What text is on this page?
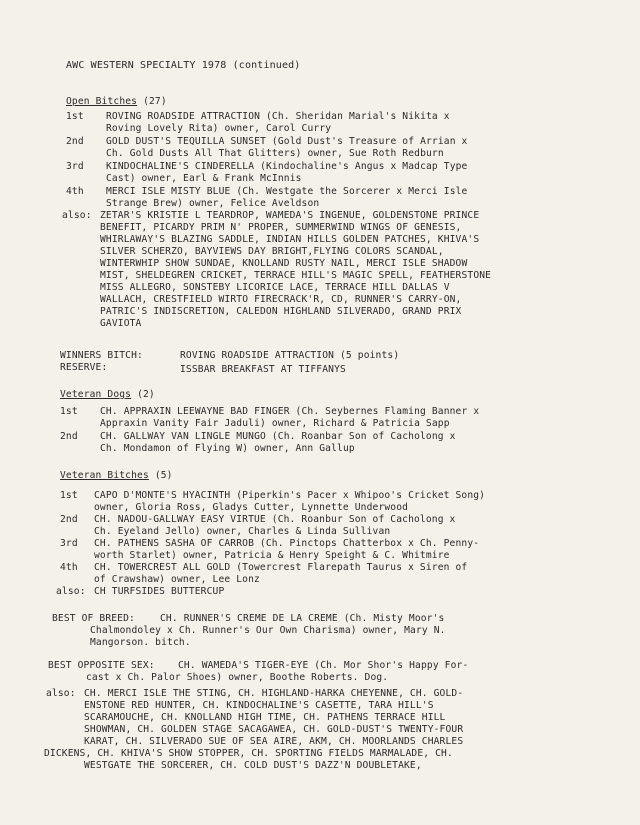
AWC WESTERN SPECIALTY 1978 (continued)
Open Bitches (27)
1st ROVING ROADSIDE ATTRACTION (Ch. Sheridan Marial's Nikita x
Roving Lovely Rita) owner, Carol Curry
2nd GOLD DUST'S TEQUILLA SUNSET (Gold Dust's Treasure of Arrian x
Ch. Gold Dusts All That Glitters) owner, Sue Roth Redburn
3rd KINDOCHALINE'S CINDERELLA (Kindochaline's Angus x Madcap Type
Cast) owner, Earl & Frank McInnis
4th MERCI ISLE MISTY BLUE (Ch. Westgate the Sorcerer x Merci Isle
Strange Brew) owner, Felice Aveldson
also: ZETAR'S KRISTIE L TEARDROP, WAMEDA'S INGENUE, GOLDENSTONE PRINCE
BENEFIT, PICARDY PRIM N' PROPER, SUMMERWIND WINGS OF GENESIS,
WHIRLAWAY'S BLAZING SADDLE, INDIAN HILLS GOLDEN PATCHES, KHIVA'S
SILVER SCHERZO, BAYVIEWS DAY BRIGHT,FLYING COLORS SCANDAL,
WINTERWHIP SHOW SUNDAE, KNOLLAND RUSTY NAIL, MERCI ISLE SHADOW
MIST, SHELDEGREN CRICKET, TERRACE HILL'S MAGIC SPELL, FEATHERSTONE
MISS ALLEGRO, SONSTEBY LICORICE LACE, TERRACE HILL DALLAS V
WALLACH, CRESTFIELD WIRTO FIRECRACK'R, CD, RUNNER'S CARRY-ON,
PATRIC'S INDISCRETION, CALEDON HIGHLAND SILVERADO, GRAND PRIX
GAVIOTA
WINNERS BITCH:	ROVING ROADSIDE ATTRACTION (5 points)
RESERVE:	ISSBAR BREAKFAST AT TIFFANYS
Veteran Dogs (2)
1st CH. APPRAXIN LEEWAYNE BAD FINGER (Ch. Seybernes Flaming Banner x
Appraxin Vanity Fair Jaduli) owner, Richard & Patricia Sapp
2nd CH. GALLWAY VAN LINGLE MUNGO (Ch. Roanbar Son of Cacholong x
Ch. Mondamon of Flying W) owner, Ann Gallup
Veteran Bitches (5)
1st CAPO D'MONTE'S HYACINTH (Piperkin's Pacer x Whipoo's Cricket Song)
owner, Gloria Ross, Gladys Cutter, Lynnette Underwood
2nd CH. NADOU-GALLWAY EASY VIRTUE (Ch. Roanbur Son of Cacholong x
Ch. Eyeland Jello) owner, Charles & Linda Sullivan
3rd CH. PATHENS SASHA OF CARROB (Ch. Pinctops Chatterbox x Ch. Penny-
worth Starlet) owner, Patricia & Henry Speight & C. Whitmire
4th CH. TOWERCREST ALL GOLD (Towercrest Flarepath Taurus x Siren of
of Crawshaw) owner, Lee Lonz
also: CH TURFSIDES BUTTERCUP
BEST OF BREED:	CH. RUNNER'S CREME DE LA CREME (Ch. Misty Moor's
Chalmondoley x Ch. Runner's Our Own Charisma) owner, Mary N.
Mangorson. bitch.
BEST OPPOSITE SEX: CH. WAMEDA'S TIGER-EYE (Ch. Mor Shor's Happy For-
cast x Ch. Palor Shoes) owner, Boothe Roberts. Dog.
also: CH. MERCI ISLE THE STING, CH. HIGHLAND-HARKA CHEYENNE, CH. GOLD-
ENSTONE RED HUNTER, CH. KINDOCHALINE'S CASETTE, TARA HILL'S
SCARAMOUCHE, CH. KNOLLAND HIGH TIME, CH. PATHENS TERRACE HILL
SHOWMAN, CH. GOLDEN STAGE SACAGAWEA, CH. GOLD-DUST'S TWENTY-FOUR
KARAT, CH. SILVERADO SUE OF SEA AIRE, AKM, CH. MOORLANDS CHARLES
DICKENS, CH. KHIVA'S SHOW STOPPER, CH. SPORTING FIELDS MARMALADE, CH.
WESTGATE THE SORCERER, CH. COLD DUST'S DAZZ'N DOUBLETAKE,
